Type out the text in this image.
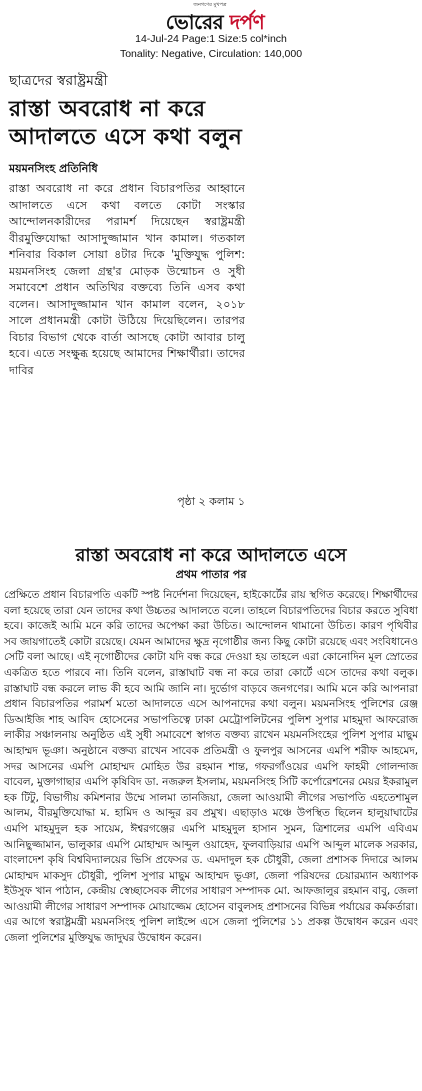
জনগণের মুখপত্র
ভোরের দর্পণ
14-Jul-24 Page:1 Size:5 col*inch
Tonality: Negative, Circulation: 140,000
ছাত্রদের স্বরাষ্ট্রমন্ত্রী
রাস্তা অবরোধ না করে আদালতে এসে কথা বলুন
ময়মনসিংহ প্রতিনিধি
রাস্তা অবরোধ না করে প্রধান বিচারপতির আহ্বানে আদালতে এসে কথা বলতে কোটা সংস্কার আন্দোলনকারীদের পরামর্শ দিয়েছেন স্বরাষ্ট্রমন্ত্রী বীরমুক্তিযোদ্ধা আসাদুজ্জামান খান কামাল। গতকাল শনিবার বিকাল সোয়া ৪টার দিকে 'মুক্তিযুদ্ধ পুলিশ: ময়মনসিংহ জেলা গ্রন্থ'র মোড়ক উন্মোচন ও সুধী সমাবেশে প্রধান অতিথির বক্তব্যে তিনি এসব কথা বলেন। আসাদুজ্জামান খান কামাল বলেন, ২০১৮ সালে প্রধানমন্ত্রী কোটা উঠিয়ে দিয়েছিলেন। তারপর বিচার বিভাগ থেকে বার্তা আসছে কোটা আবার চালু হবে। এতে সংক্ষুব্ধ হয়েছে আমাদের শিক্ষার্থীরা। তাদের দাবির
পৃষ্ঠা ২ কলাম ১
রাস্তা অবরোধ না করে আদালতে এসে
প্রথম পাতার পর
প্রেক্ষিতে প্রধান বিচারপতি একটি স্পষ্ট নির্দেশনা দিয়েছেন, হাইকোর্টের রায় স্থগিত করেছে। শিক্ষার্থীদের বলা হয়েছে তারা যেন তাদের কথা উচ্চতর আদালতে বলে। তাহলে বিচারপতিদের বিচার করতে সুবিধা হবে। কাজেই আমি মনে করি তাদের অপেক্ষা করা উচিত। আন্দোলন থামানো উচিত। কারণ পৃথিবীর সব জায়গাতেই কোটা রয়েছে। যেমন আমাদের ক্ষুদ্র নৃগোষ্ঠীর জন্য কিছু কোটা রয়েছে এবং সংবিধানেও সেটি বলা আছে। এই নৃগোষ্ঠীদের কোটা যদি বন্ধ করে দেওয়া হয় তাহলে এরা কোনোদিন মূল স্রোতের একত্রিত হতে পারবে না। তিনি বলেন, রাস্তাঘাট বন্ধ না করে তারা কোর্টে এসে তাদের কথা বলুক। রাস্তাঘাট বন্ধ করলে লাভ কী হবে আমি জানি না। দুর্ভোগ বাড়বে জনগণের। আমি মনে করি আপনারা প্রধান বিচারপতির পরামর্শ মতো আদালতে এসে আপনাদের কথা বলুন। ময়মনসিংহ পুলিশের রেঞ্জ ডিআইজি শাহ আবিদ হোসেনের সভাপতিত্বে ঢাকা মেট্রোপলিটনের পুলিশ সুপার মাহমুদা আফরোজ লাকীর সঞ্চালনায় অনুষ্ঠিত এই সুধী সমাবেশে স্বাগত বক্তব্য রাখেন ময়মনসিংহের পুলিশ সুপার মাছুম আহাম্মদ ভূঞা। অনুষ্ঠানে বক্তব্য রাখেন সাবেক প্রতিমন্ত্রী ও ফুলপুর আসনের এমপি শরীফ আহমেদ, সদর আসনের এমপি মোহাম্মদ মোহিত উর রহমান শান্ত, গফরগাঁওয়ের এমপি ফাহমী গোলন্দাজ বাবেল, মুক্তাগাছার এমপি কৃষিবিদ ডা. নজরুল ইসলাম, ময়মনসিংহ সিটি কর্পোরেশনের মেয়র ইকরামুল হক টিটু, বিভাগীয় কমিশনার উম্মে সালমা তানজিয়া, জেলা আওয়ামী লীগের সভাপতি এহতেশামুল আলম, বীরমুক্তিযোদ্ধা ম. হামিদ ও আব্দুর রব প্রমুখ। এছাড়াও মঞ্চে উপস্থিত ছিলেন হালুয়াঘাটের এমপি মাহমুদুল হক সায়েম, ঈশ্বরগঞ্জের এমপি মাহমুদুল হাসান সুমন, ত্রিশালের এমপি এবিএম আনিছুজ্জামান, ভালুকার এমপি মোহাম্মদ আব্দুল ওয়াহেদ, ফুলবাড়িয়ার এমপি আব্দুল মালেক সরকার, বাংলাদেশ কৃষি বিশ্ববিদ্যালয়ের ভিসি প্রফেসর ড. এমদাদুল হক চৌধুরী, জেলা প্রশাসক দিদারে আলম মোহাম্মদ মাকসুদ চৌধুরী, পুলিশ সুপার মাছুম আহাম্মদ ভূঞা, জেলা পরিষদের চেয়ারম্যান অধ্যাপক ইউসুফ খান পাঠান, কেন্দ্রীয় স্বেচ্ছাসেবক লীগের সাধারণ সম্পাদক মো. আফজালুর রহমান বাবু, জেলা আওয়ামী লীগের সাধারণ সম্পাদক মোয়াজ্জেম হোসেন বাবুলসহ প্রশাসনের বিভিন্ন পর্যায়ের কর্মকর্তারা। এর আগে স্বরাষ্ট্রমন্ত্রী ময়মনসিংহ পুলিশ লাইন্সে এসে জেলা পুলিশের ১১ প্রকল্প উদ্বোধন করেন এবং জেলা পুলিশের মুক্তিযুদ্ধ জাদুঘর উদ্বোধন করেন।
